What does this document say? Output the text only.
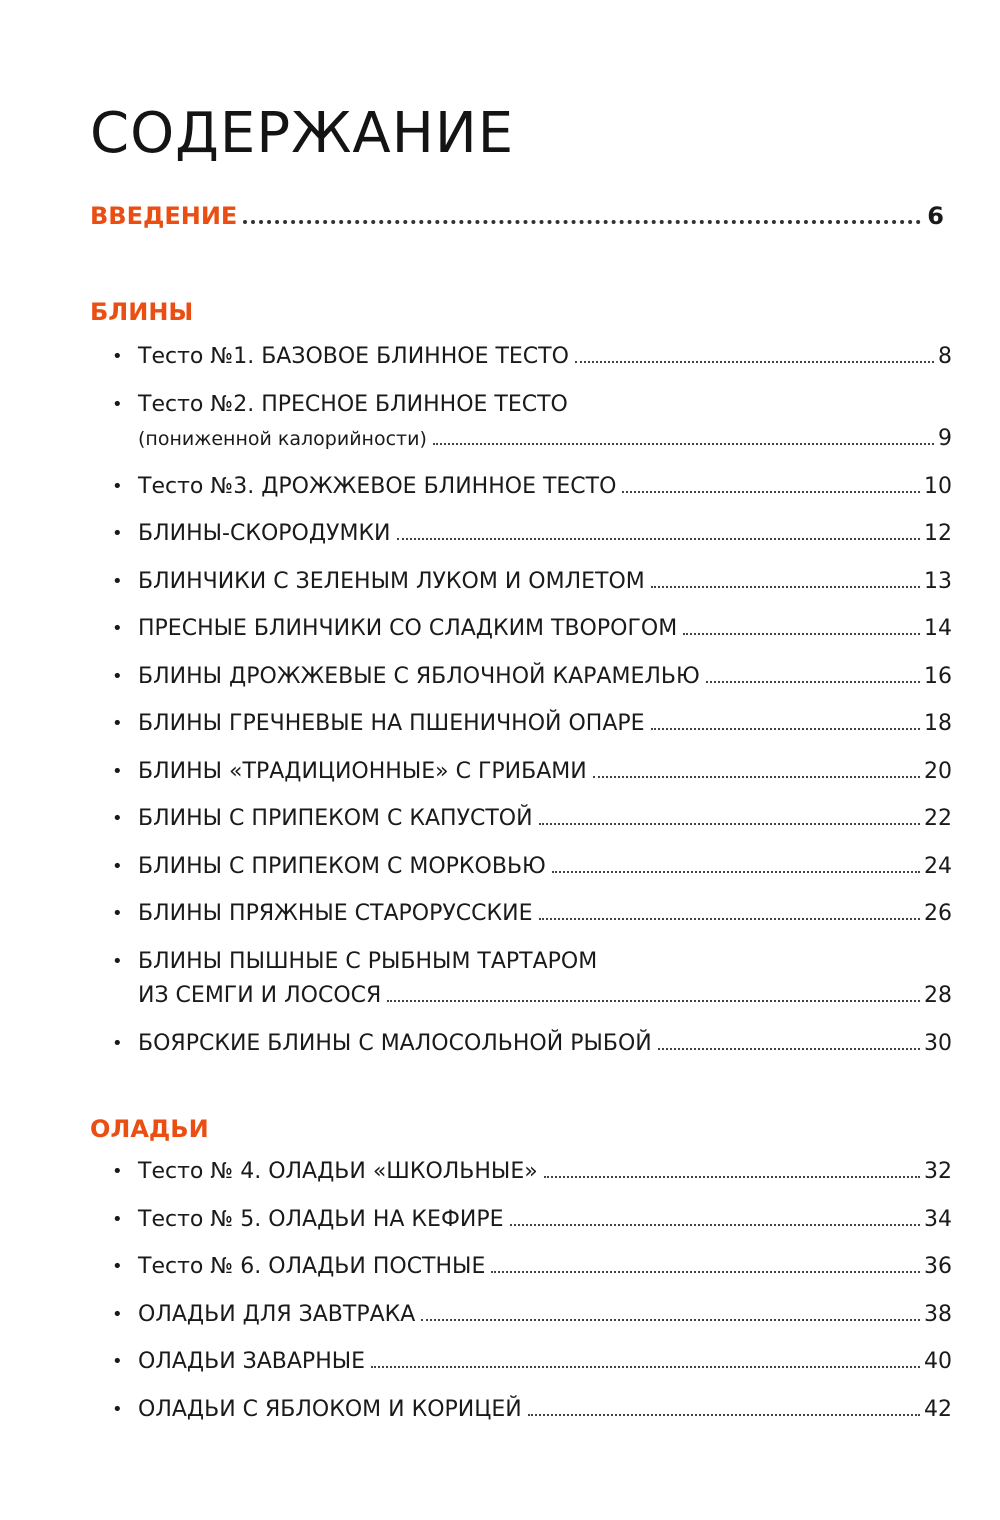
СОДЕРЖАНИЕ
ВВЕДЕНИЕ	6
БЛИНЫ
• Тесто №1. БАЗОВОЕ БЛИННОЕ ТЕСТО	8
• Тесто №2. ПРЕСНОЕ БЛИННОЕ ТЕСТО
(пониженной калорийности)	9
• Тесто №3. ДРОЖЖЕВОЕ БЛИННОЕ ТЕСТО	10
• БЛИНЫ-СКОРОДУМКИ	12
• БЛИНЧИКИ С ЗЕЛЕНЫМ ЛУКОМ И ОМЛЕТОМ	13
• ПРЕСНЫЕ БЛИНЧИКИ СО СЛАДКИМ ТВОРОГОМ	14
• БЛИНЫ ДРОЖЖЕВЫЕ С ЯБЛОЧНОЙ КАРАМЕЛЬЮ	16
• БЛИНЫ ГРЕЧНЕВЫЕ НА ПШЕНИЧНОЙ ОПАРЕ	18
• БЛИНЫ «ТРАДИЦИОННЫЕ» С ГРИБАМИ	20
• БЛИНЫ С ПРИПЕКОМ С КАПУСТОЙ	22
• БЛИНЫ С ПРИПЕКОМ С МОРКОВЬЮ	24
• БЛИНЫ ПРЯЖНЫЕ СТАРОРУССКИЕ	26
• БЛИНЫ ПЫШНЫЕ С РЫБНЫМ ТАРТАРОМ
ИЗ СЕМГИ И ЛОСОСЯ	28
• БОЯРСКИЕ БЛИНЫ С МАЛОСОЛЬНОЙ РЫБОЙ	30
ОЛАДЬИ
• Тесто № 4. ОЛАДЬИ «ШКОЛЬНЫЕ»	32
• Тесто № 5. ОЛАДЬИ НА КЕФИРЕ	34
• Тесто № 6. ОЛАДЬИ ПОСТНЫЕ	36
• ОЛАДЬИ ДЛЯ ЗАВТРАКА	38
• ОЛАДЬИ ЗАВАРНЫЕ	40
• ОЛАДЬИ С ЯБЛОКОМ И КОРИЦЕЙ	42
